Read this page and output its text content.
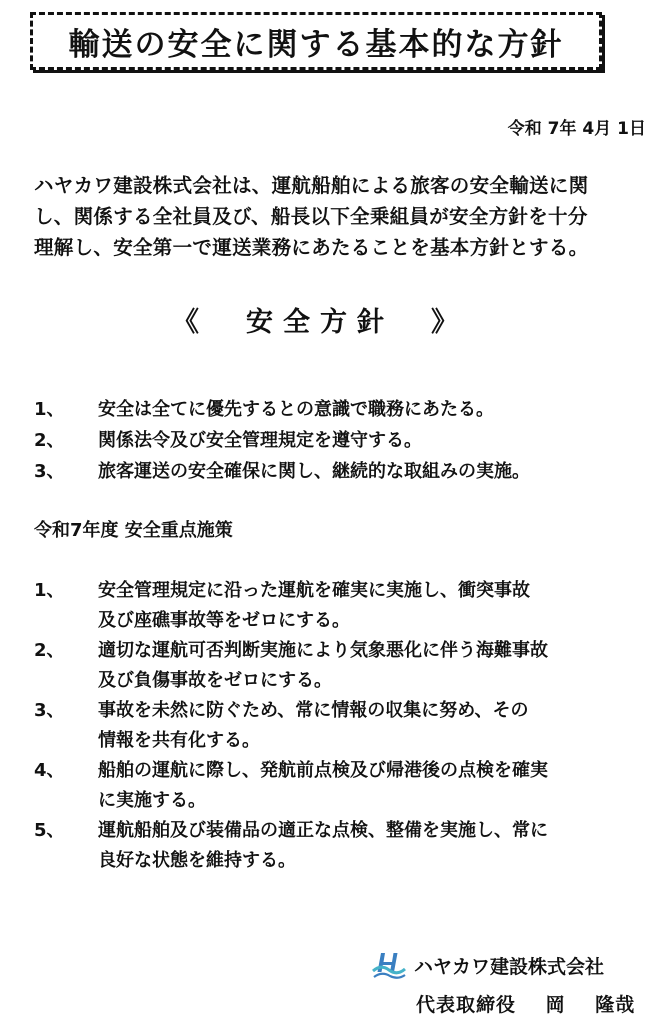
輸送の安全に関する基本的な方針
令和 7年 4月 1日
ハヤカワ建設株式会社は、運航船舶による旅客の安全輸送に関
し、関係する全社員及び、船長以下全乗組員が安全方針を十分
理解し、安全第一で運送業務にあたることを基本方針とする。
《　安全方針　》
1、	安全は全てに優先するとの意識で職務にあたる。
2、	関係法令及び安全管理規定を遵守する。
3、	旅客運送の安全確保に関し、継続的な取組みの実施。
令和7年度 安全重点施策
1、	安全管理規定に沿った運航を確実に実施し、衝突事故
及び座礁事故等をゼロにする。
2、	適切な運航可否判断実施により気象悪化に伴う海難事故
及び負傷事故をゼロにする。
3、	事故を未然に防ぐため、常に情報の収集に努め、その
情報を共有化する。
4、	船舶の運航に際し、発航前点検及び帰港後の点検を確実
に実施する。
5、	運航船舶及び装備品の適正な点検、整備を実施し、常に
良好な状態を維持する。
ハヤカワ建設株式会社
代表取締役 岡 隆哉
